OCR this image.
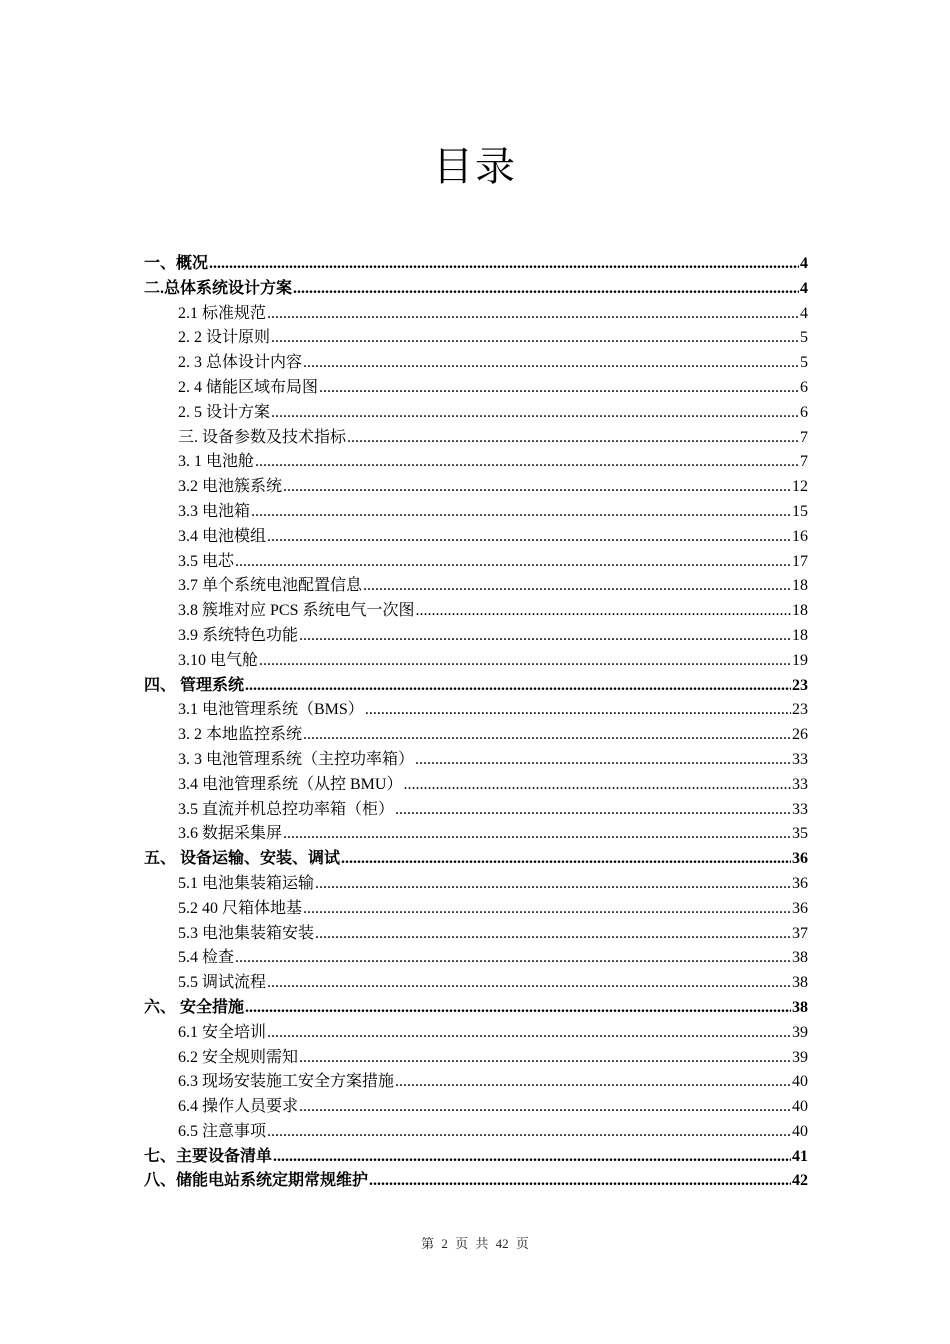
目录
一、概况 .....	4
二.总体系统设计方案 .....	4
2.1 标准规范 .....	4
2. 2 设计原则 .....	5
2. 3 总体设计内容 .....	5
2. 4 储能区域布局图 .....	6
2. 5 设计方案 .....	6
三. 设备参数及技术指标 .....	7
3. 1 电池舱 .....	7
3.2 电池簇系统 .....	12
3.3 电池箱 .....	15
3.4 电池模组 .....	16
3.5 电芯 .....	17
3.7 单个系统电池配置信息 .....	18
3.8 簇堆对应 PCS 系统电气一次图 .....	18
3.9 系统特色功能 .....	18
3.10 电气舱 .....	19
四、 管理系统 .....	23
3.1 电池管理系统（BMS） .....	23
3. 2 本地监控系统 .....	26
3. 3 电池管理系统（主控功率箱） .....	33
3.4 电池管理系统（从控 BMU） .....	33
3.5 直流并机总控功率箱（柜） .....	33
3.6 数据采集屏 .....	35
五、 设备运输、安装、调试 .....	36
5.1 电池集装箱运输 .....	36
5.2 40 尺箱体地基 .....	36
5.3 电池集装箱安装 .....	37
5.4 检查 .....	38
5.5 调试流程 .....	38
六、 安全措施 .....	38
6.1 安全培训 .....	39
6.2 安全规则需知 .....	39
6.3 现场安装施工安全方案措施 .....	40
6.4 操作人员要求 .....	40
6.5 注意事项 .....	40
七、主要设备清单 .....	41
八、储能电站系统定期常规维护 .....	42
第 2 页 共 42 页
